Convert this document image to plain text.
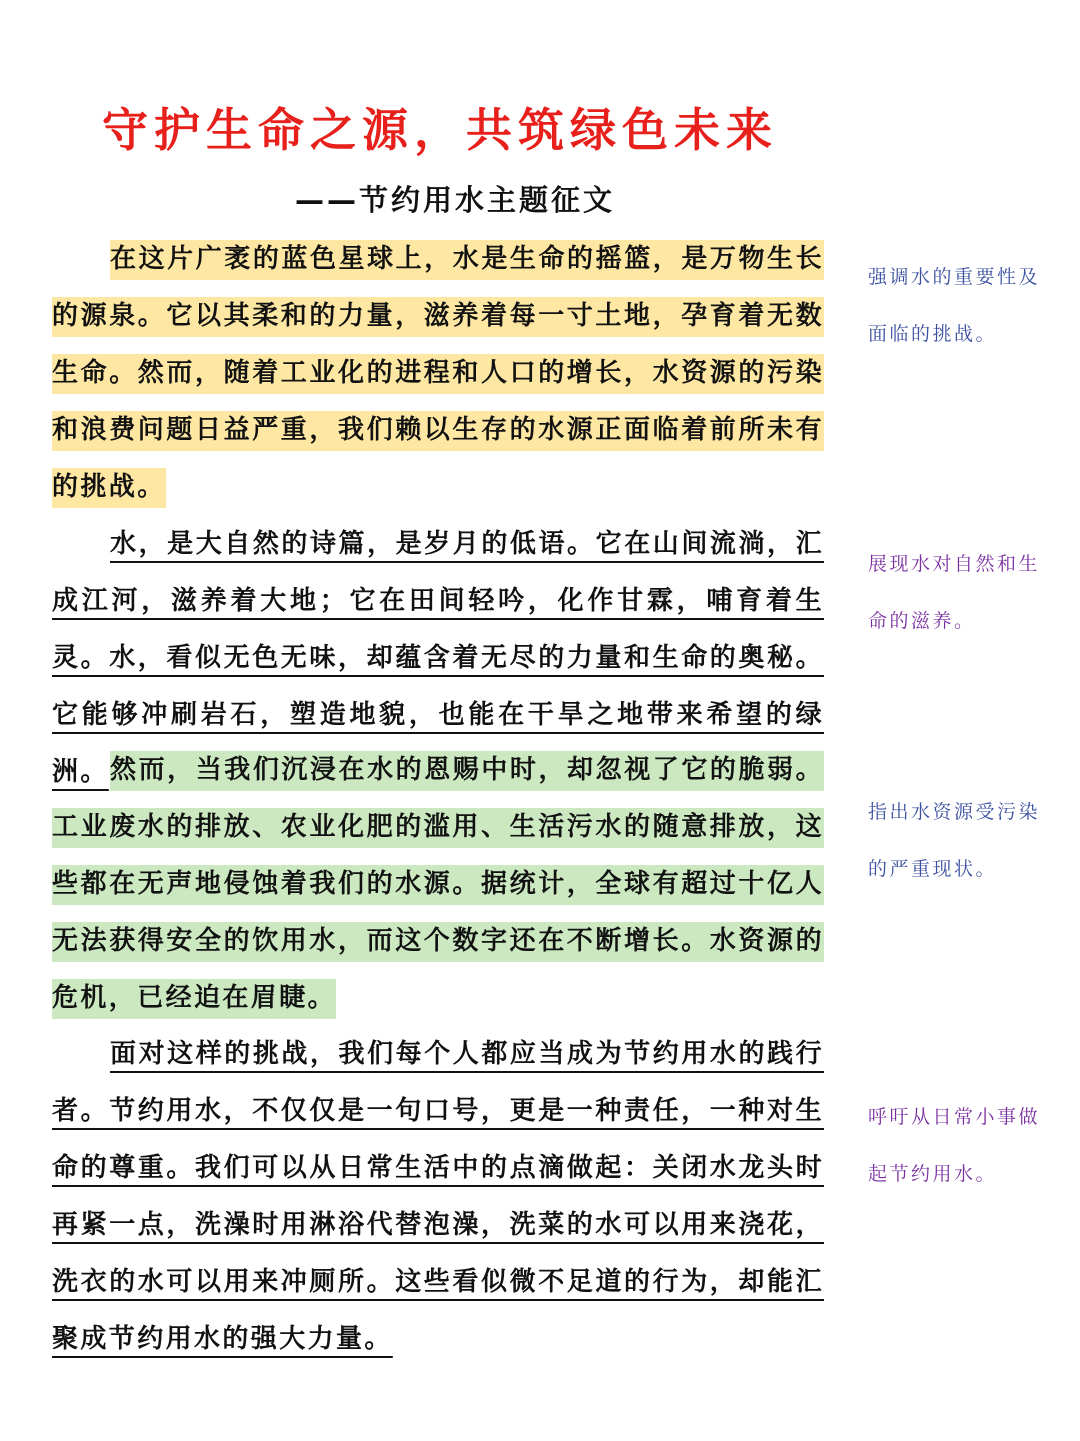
守护生命之源，共筑绿色未来
——节约用水主题征文

在这片广袤的蓝色星球上，水是生命的摇篮，是万物生长的源泉。它以其柔和的力量，滋养着每一寸土地，孕育着无数生命。然而，随着工业化的进程和人口的增长，水资源的污染和浪费问题日益严重，我们赖以生存的水源正面临着前所未有的挑战。

水，是大自然的诗篇，是岁月的低语。它在山间流淌，汇成江河，滋养着大地；它在田间轻吟，化作甘霖，哺育着生灵。水，看似无色无味，却蕴含着无尽的力量和生命的奥秘。它能够冲刷岩石，塑造地貌，也能在干旱之地带来希望的绿洲。 然而，当我们沉浸在水的恩赐中时，却忽视了它的脆弱。工业废水的排放、农业化肥的滥用、生活污水的随意排放，这些都在无声地侵蚀着我们的水源。据统计，全球有超过十亿人无法获得安全的饮用水，而这个数字还在不断增长。水资源的危机，已经迫在眉睫。

面对这样的挑战，我们每个人都应当成为节约用水的践行者。节约用水，不仅仅是一句口号，更是一种责任，一种对生命的尊重。我们可以从日常生活中的点滴做起：关闭水龙头时再紧一点，洗澡时用淋浴代替泡澡，洗菜的水可以用来浇花，洗衣的水可以用来冲厕所。这些看似微不足道的行为，却能汇聚成节约用水的强大力量。

强调水的重要性及面临的挑战。
展现水对自然和生命的滋养。
指出水资源受污染的严重现状。
呼吁从日常小事做起节约用水。
